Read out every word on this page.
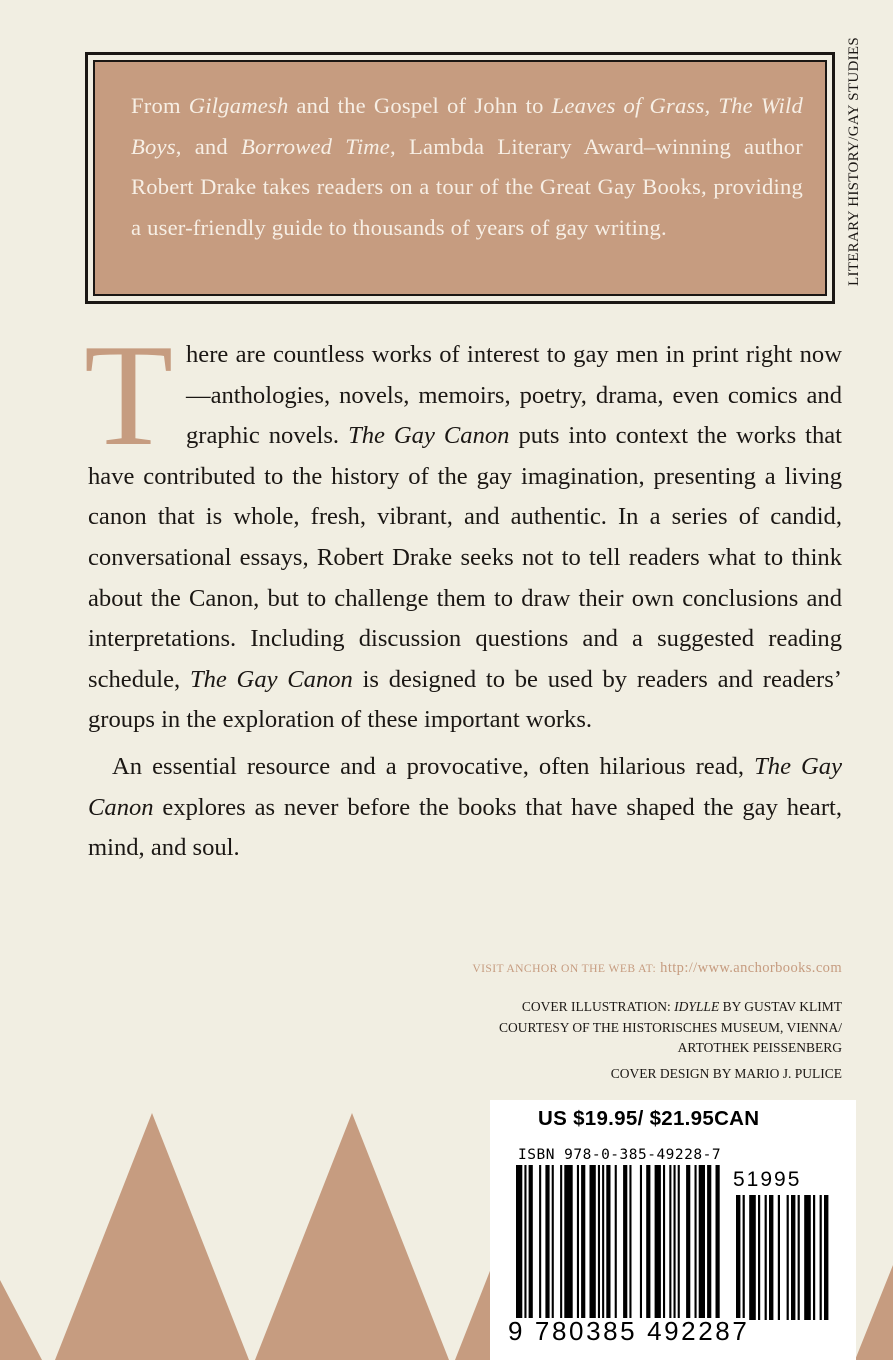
From Gilgamesh and the Gospel of John to Leaves of Grass, The Wild Boys, and Borrowed Time, Lambda Literary Award–winning author Robert Drake takes readers on a tour of the Great Gay Books, providing a user-friendly guide to thousands of years of gay writing.	LITERARY HISTORY/GAY STUDIES
T here are countless works of interest to gay men in print right now—anthologies, novels, memoirs, poetry, drama, even comics and graphic novels. The Gay Canon puts into context the works that have contributed to the history of the gay imagination, presenting a living canon that is whole, fresh, vibrant, and authentic. In a series of candid, conversational essays, Robert Drake seeks not to tell readers what to think about the Canon, but to challenge them to draw their own conclusions and interpretations. Including discussion questions and a suggested reading schedule, The Gay Canon is designed to be used by readers and readers’ groups in the exploration of these important works.

An essential resource and a provocative, often hilarious read, The Gay Canon explores as never before the books that have shaped the gay heart, mind, and soul.

VISIT ANCHOR ON THE WEB AT: http://www.anchorbooks.com
COVER ILLUSTRATION: IDYLLE BY GUSTAV KLIMT
COURTESY OF THE HISTORISCHES MUSEUM, VIENNA/
ARTOTHEK PEISSENBERG
COVER DESIGN BY MARIO J. PULICE
US $19.95/ $21.95CAN
ISBN 978-0-385-49228-7
51995
9 780385 492287
